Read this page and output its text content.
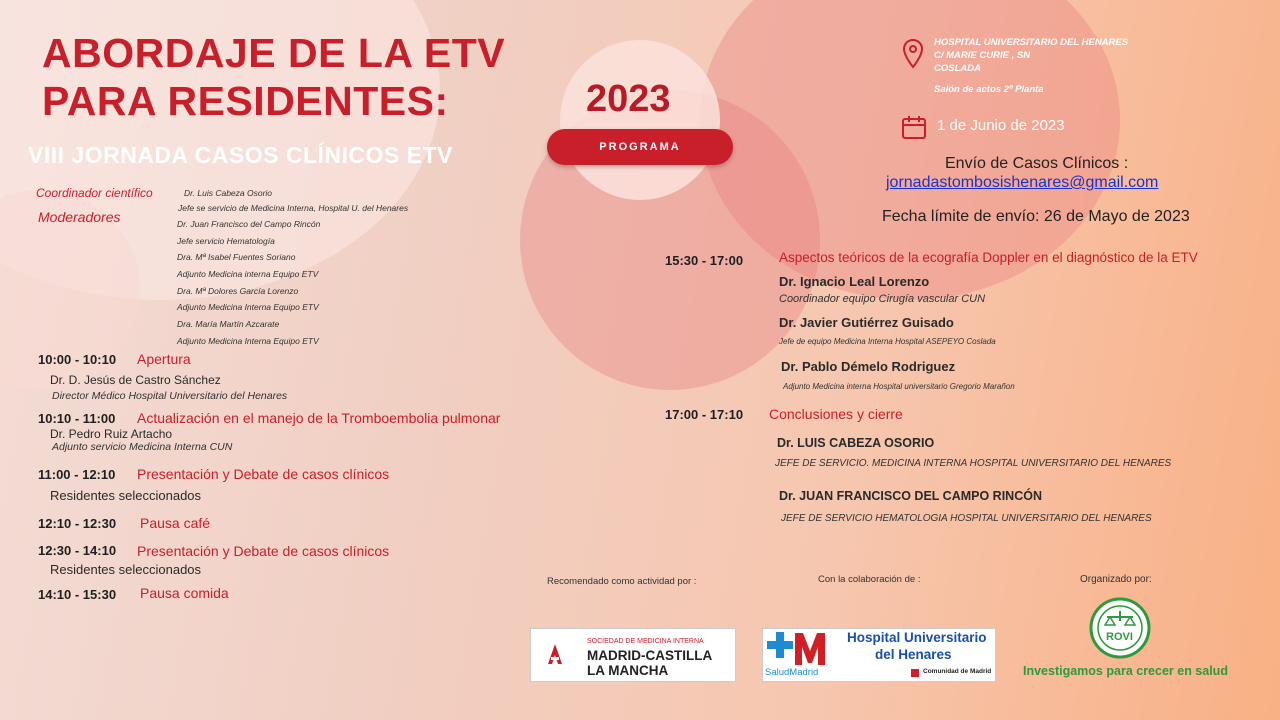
ABORDAJE DE LA ETV
PARA RESIDENTES:
VIII JORNADA CASOS CLÍNICOS ETV
2023
PROGRAMA
HOSPITAL UNIVERSITARIO DEL HENARES
C/ MARIE CURIE , SN
COSLADA
Salón de actos 2º Planta
1 de Junio de 2023
Envío de Casos Clínicos :
jornadastombosishenares@gmail.com
Fecha límite de envío: 26 de Mayo de 2023
Coordinador científico	Dr. Luis Cabeza Osorio
Jefe se servicio de Medicina Interna, Hospital U. del Henares
Moderadores	Dr. Juan Francisco del Campo Rincón
Jefe servicio Hematología
Dra. Mª Isabel Fuentes Soriano
Adjunto Medicina interna Equipo ETV
Dra. Mª Dolores García Lorenzo
Adjunto Medicina Interna Equipo ETV
Dra. María Martín Azcarate
Adjunto Medicina Interna Equipo ETV
10:00 - 10:10 Apertura
Dr. D. Jesús de Castro Sánchez
Director Médico Hospital Universitario del Henares
10:10 - 11:00 Actualización en el manejo de la Tromboembolia pulmonar
Dr. Pedro Ruiz Artacho
Adjunto servicio Medicina Interna CUN
11:00 - 12:10 Presentación y Debate de casos clínicos
Residentes seleccionados
12:10 - 12:30 Pausa café
12:30 - 14:10 Presentación y Debate de casos clínicos
Residentes seleccionados
14:10 - 15:30 Pausa comida
15:30 - 17:00	Aspectos teóricos de la ecografía Doppler en el diagnóstico de la ETV
Dr. Ignacio Leal Lorenzo
Coordinador equipo Cirugía vascular CUN
Dr. Javier Gutiérrez Guisado
Jefe de equipo Medicina Interna Hospital ASEPEYO Coslada
Dr. Pablo Démelo Rodriguez
Adjunto Medicina interna Hospital universitario Gregorio Marañon
17:00 - 17:10 Conclusiones y cierre
Dr. LUIS CABEZA OSORIO
JEFE DE SERVICIO. MEDICINA INTERNA HOSPITAL UNIVERSITARIO DEL HENARES
Dr. JUAN FRANCISCO DEL CAMPO RINCÓN
JEFE DE SERVICIO HEMATOLOGIA HOSPITAL UNIVERSITARIO DEL HENARES
Recomendado como actividad por :	Con la colaboración de :	Organizado por:
SOCIEDAD DE MEDICINA INTERNA
MADRID-CASTILLA
LA MANCHA	SaludMadrid
Hospital Universitario
del Henares
Comunidad de Madrid
ROVI
Investigamos para crecer en salud
